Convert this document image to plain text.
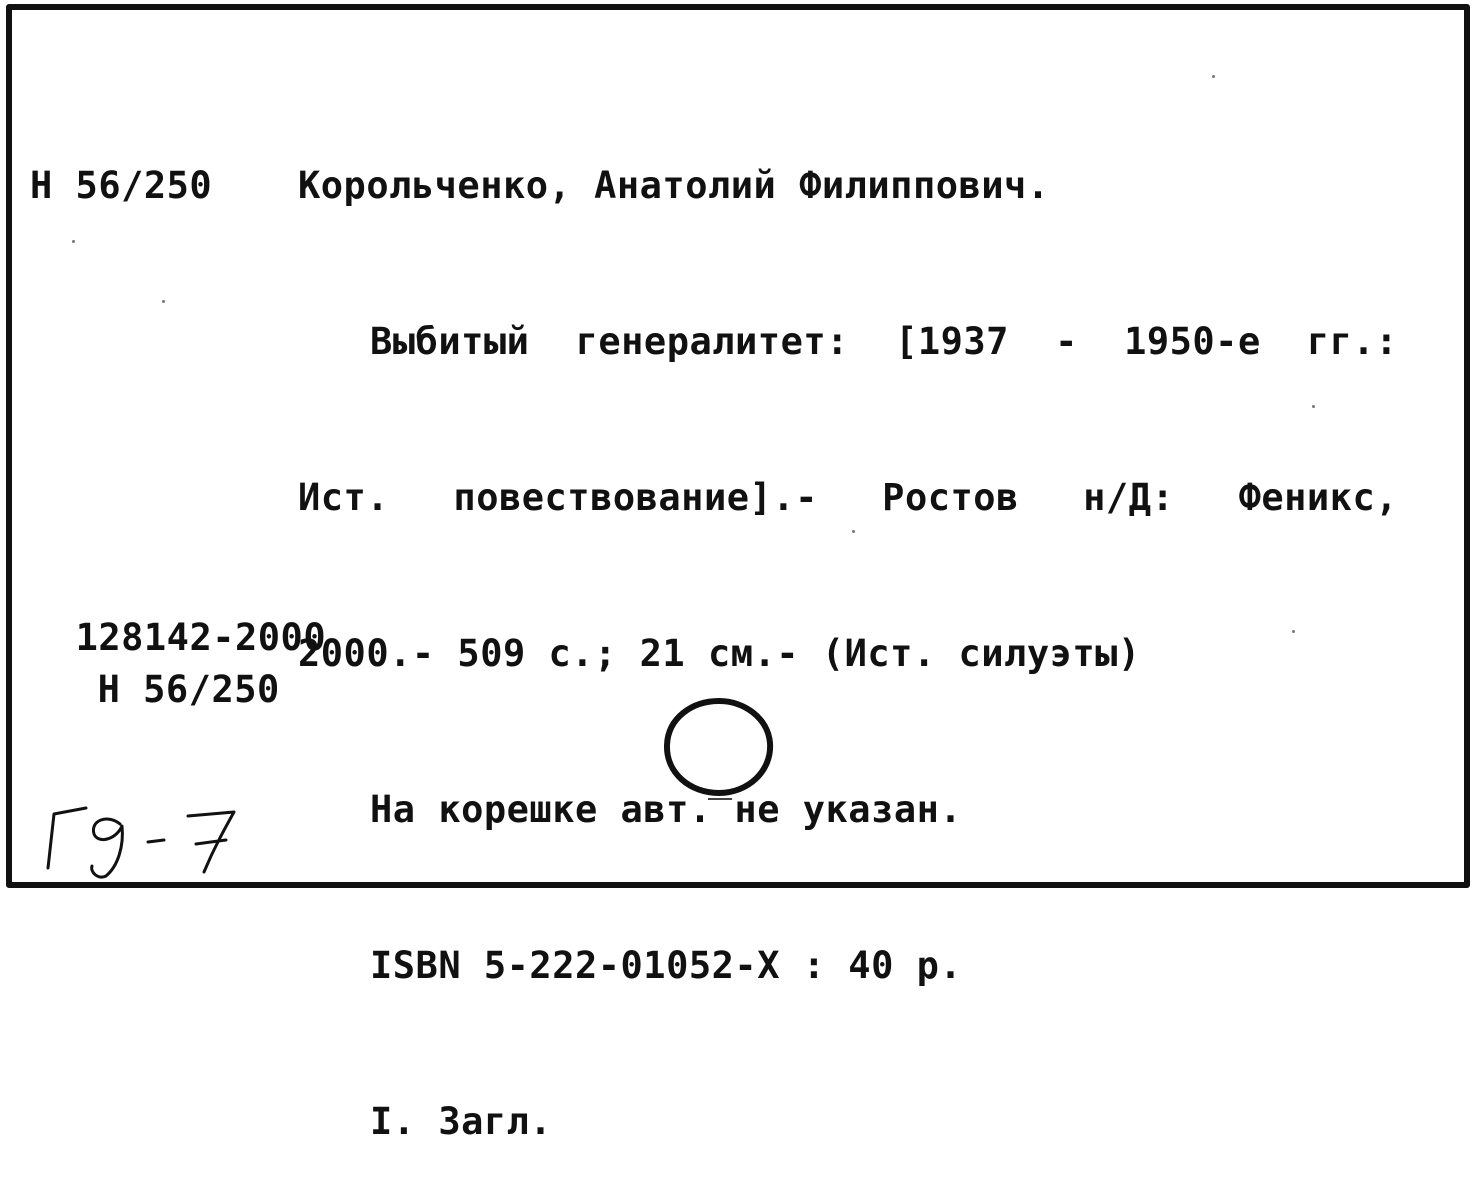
Н 56/250 Корольченко, Анатолий Филиппович.

Выбитый генералитет: [1937 - 1950-е гг.:

Ист. повествование].- Ростов н/Д: Феникс,

2000.- 509 с.; 21 см.- (Ист. силуэты)

На корешке авт. не указан.

ISBN 5-222-01052-X : 40 р.

I. Загл.

128142-2000
Н 56/250
